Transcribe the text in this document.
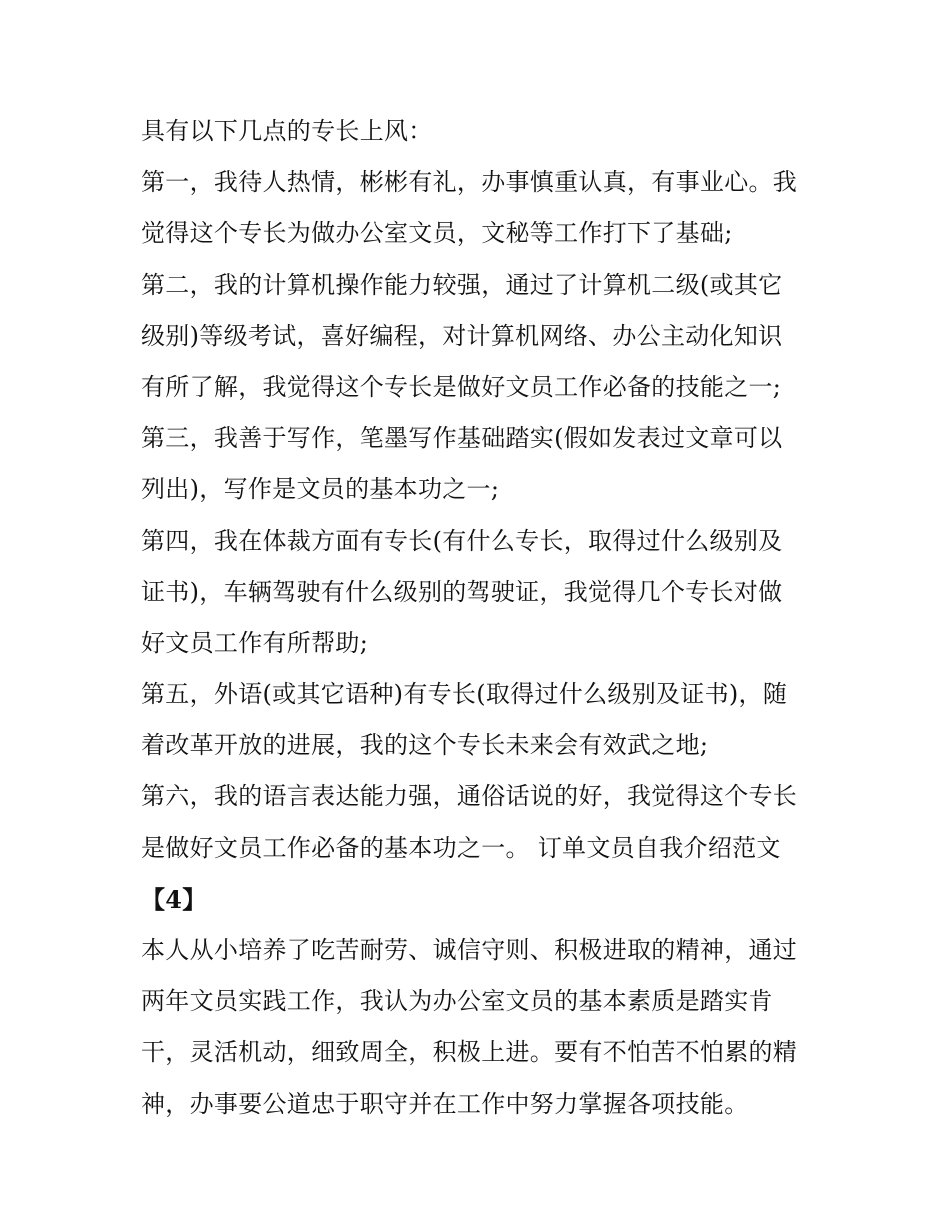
具有以下几点的专长上风：
第一，我待人热情，彬彬有礼，办事慎重认真，有事业心。我
觉得这个专长为做办公室文员，文秘等工作打下了基础;
第二，我的计算机操作能力较强，通过了计算机二级(或其它
级别)等级考试，喜好编程，对计算机网络、办公主动化知识
有所了解，我觉得这个专长是做好文员工作必备的技能之一;
第三，我善于写作，笔墨写作基础踏实(假如发表过文章可以
列出)，写作是文员的基本功之一;
第四，我在体裁方面有专长(有什么专长，取得过什么级别及
证书)，车辆驾驶有什么级别的驾驶证，我觉得几个专长对做
好文员工作有所帮助;
第五，外语(或其它语种)有专长(取得过什么级别及证书)，随
着改革开放的进展，我的这个专长未来会有效武之地;
第六，我的语言表达能力强，通俗话说的好，我觉得这个专长
是做好文员工作必备的基本功之一。 订单文员自我介绍范文
【4】
本人从小培养了吃苦耐劳、诚信守则、积极进取的精神，通过
两年文员实践工作，我认为办公室文员的基本素质是踏实肯
干，灵活机动，细致周全，积极上进。要有不怕苦不怕累的精
神，办事要公道忠于职守并在工作中努力掌握各项技能。
